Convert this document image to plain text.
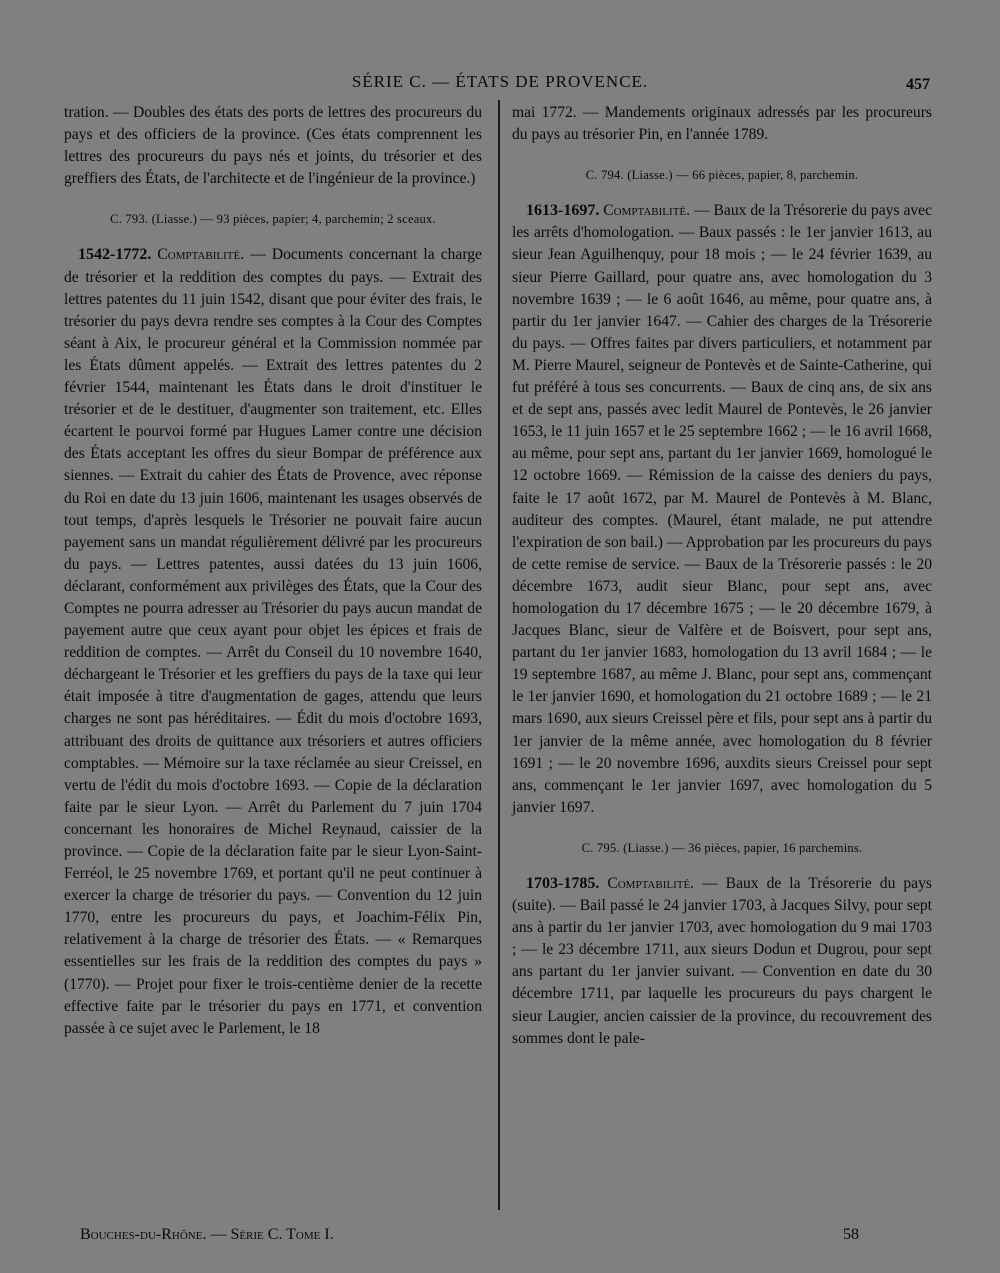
SÉRIE C. — ÉTATS DE PROVENCE.	457

tration. — Doubles des états des ports de lettres des procureurs du pays et des officiers de la province. (Ces états comprennent les lettres des procureurs du pays nés et joints, du trésorier et des greffiers des États, de l'architecte et de l'ingénieur de la province.)

C. 793. (Liasse.) — 93 pièces, papier; 4, parchemin; 2 sceaux.

1542-1772. Comptabilité. — Documents concernant la charge de trésorier et la reddition des comptes du pays. — Extrait des lettres patentes du 11 juin 1542, disant que pour éviter des frais, le trésorier du pays devra rendre ses comptes à la Cour des Comptes séant à Aix, le procureur général et la Commission nommée par les États dûment appelés. — Extrait des lettres patentes du 2 février 1544, maintenant les États dans le droit d'instituer le trésorier et de le destituer, d'augmenter son traitement, etc. Elles écartent le pourvoi formé par Hugues Lamer contre une décision des États acceptant les offres du sieur Bompar de préférence aux siennes. — Extrait du cahier des États de Provence, avec réponse du Roi en date du 13 juin 1606, maintenant les usages observés de tout temps, d'après lesquels le Trésorier ne pouvait faire aucun payement sans un mandat régulièrement délivré par les procureurs du pays. — Lettres patentes, aussi datées du 13 juin 1606, déclarant, conformément aux privilèges des États, que la Cour des Comptes ne pourra adresser au Trésorier du pays aucun mandat de payement autre que ceux ayant pour objet les épices et frais de reddition de comptes. — Arrêt du Conseil du 10 novembre 1640, déchargeant le Trésorier et les greffiers du pays de la taxe qui leur était imposée à titre d'augmentation de gages, attendu que leurs charges ne sont pas héréditaires. — Édit du mois d'octobre 1693, attribuant des droits de quittance aux trésoriers et autres officiers comptables. — Mémoire sur la taxe réclamée au sieur Creissel, en vertu de l'édit du mois d'octobre 1693. — Copie de la déclaration faite par le sieur Lyon. — Arrêt du Parlement du 7 juin 1704 concernant les honoraires de Michel Reynaud, caissier de la province. — Copie de la déclaration faite par le sieur Lyon-Saint-Ferréol, le 25 novembre 1769, et portant qu'il ne peut continuer à exercer la charge de trésorier du pays. — Convention du 12 juin 1770, entre les procureurs du pays, et Joachim-Félix Pin, relativement à la charge de trésorier des États. — « Remarques essentielles sur les frais de la reddition des comptes du pays » (1770). — Projet pour fixer le trois-centième denier de la recette effective faite par le trésorier du pays en 1771, et convention passée à ce sujet avec le Parlement, le 18

mai 1772. — Mandements originaux adressés par les procureurs du pays au trésorier Pin, en l'année 1789.

C. 794. (Liasse.) — 66 pièces, papier, 8, parchemin.

1613-1697. Comptabilité. — Baux de la Trésorerie du pays avec les arrêts d'homologation. — Baux passés : le 1er janvier 1613, au sieur Jean Aguilhenquy, pour 18 mois ; — le 24 février 1639, au sieur Pierre Gaillard, pour quatre ans, avec homologation du 3 novembre 1639 ; — le 6 août 1646, au même, pour quatre ans, à partir du 1er janvier 1647. — Cahier des charges de la Trésorerie du pays. — Offres faites par divers particuliers, et notamment par M. Pierre Maurel, seigneur de Pontevès et de Sainte-Catherine, qui fut préféré à tous ses concurrents. — Baux de cinq ans, de six ans et de sept ans, passés avec ledit Maurel de Pontevès, le 26 janvier 1653, le 11 juin 1657 et le 25 septembre 1662 ; — le 16 avril 1668, au même, pour sept ans, partant du 1er janvier 1669, homologué le 12 octobre 1669. — Rémission de la caisse des deniers du pays, faite le 17 août 1672, par M. Maurel de Pontevès à M. Blanc, auditeur des comptes. (Maurel, étant malade, ne put attendre l'expiration de son bail.) — Approbation par les procureurs du pays de cette remise de service. — Baux de la Trésorerie passés : le 20 décembre 1673, audit sieur Blanc, pour sept ans, avec homologation du 17 décembre 1675 ; — le 20 décembre 1679, à Jacques Blanc, sieur de Valfère et de Boisvert, pour sept ans, partant du 1er janvier 1683, homologation du 13 avril 1684 ; — le 19 septembre 1687, au même J. Blanc, pour sept ans, commençant le 1er janvier 1690, et homologation du 21 octobre 1689 ; — le 21 mars 1690, aux sieurs Creissel père et fils, pour sept ans à partir du 1er janvier de la même année, avec homologation du 8 février 1691 ; — le 20 novembre 1696, auxdits sieurs Creissel pour sept ans, commençant le 1er janvier 1697, avec homologation du 5 janvier 1697.

C. 795. (Liasse.) — 36 pièces, papier, 16 parchemins.

1703-1785. Comptabilité. — Baux de la Trésorerie du pays (suite). — Bail passé le 24 janvier 1703, à Jacques Silvy, pour sept ans à partir du 1er janvier 1703, avec homologation du 9 mai 1703 ; — le 23 décembre 1711, aux sieurs Dodun et Dugrou, pour sept ans partant du 1er janvier suivant. — Convention en date du 30 décembre 1711, par laquelle les procureurs du pays chargent le sieur Laugier, ancien caissier de la province, du recouvrement des sommes dont le pale-

Bouches-du-Rhône. — Série C. Tome I.	58
